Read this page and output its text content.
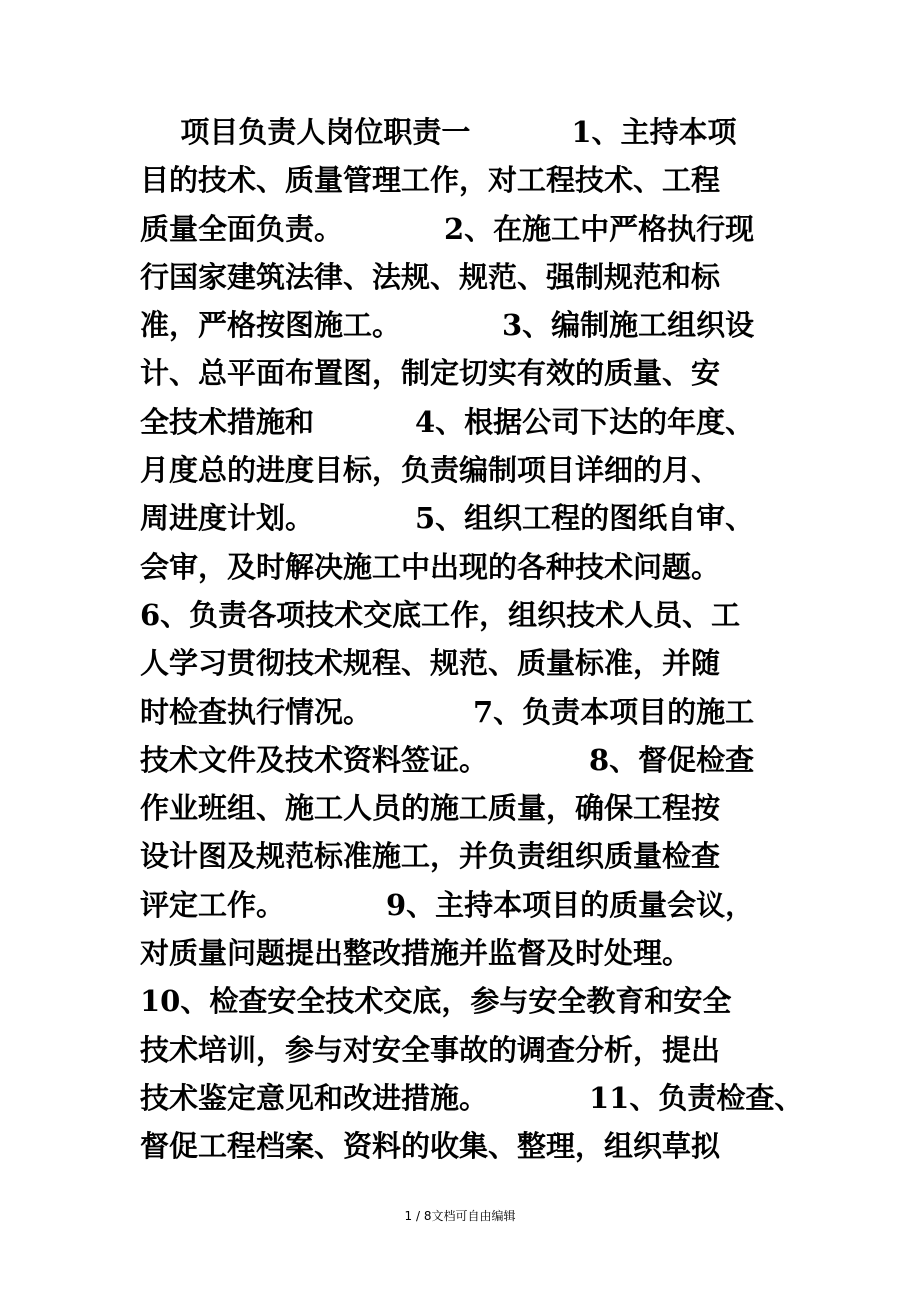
项目负责人岗位职责一          1、主持本项
目的技术、质量管理工作，对工程技术、工程
质量全面负责。          2、在施工中严格执行现
行国家建筑法律、法规、规范、强制规范和标
准，严格按图施工。          3、编制施工组织设
计、总平面布置图，制定切实有效的质量、安
全技术措施和          4、根据公司下达的年度、
月度总的进度目标，负责编制项目详细的月、
周进度计划。          5、组织工程的图纸自审、
会审，及时解决施工中出现的各种技术问题。
6、负责各项技术交底工作，组织技术人员、工
人学习贯彻技术规程、规范、质量标准，并随
时检查执行情况。          7、负责本项目的施工
技术文件及技术资料签证。          8、督促检查
作业班组、施工人员的施工质量，确保工程按
设计图及规范标准施工，并负责组织质量检查
评定工作。          9、主持本项目的质量会议，
对质量问题提出整改措施并监督及时处理。
10、检查安全技术交底，参与安全教育和安全
技术培训，参与对安全事故的调查分析，提出
技术鉴定意见和改进措施。          11、负责检查、
督促工程档案、资料的收集、整理，组织草拟
1 / 8文档可自由编辑
